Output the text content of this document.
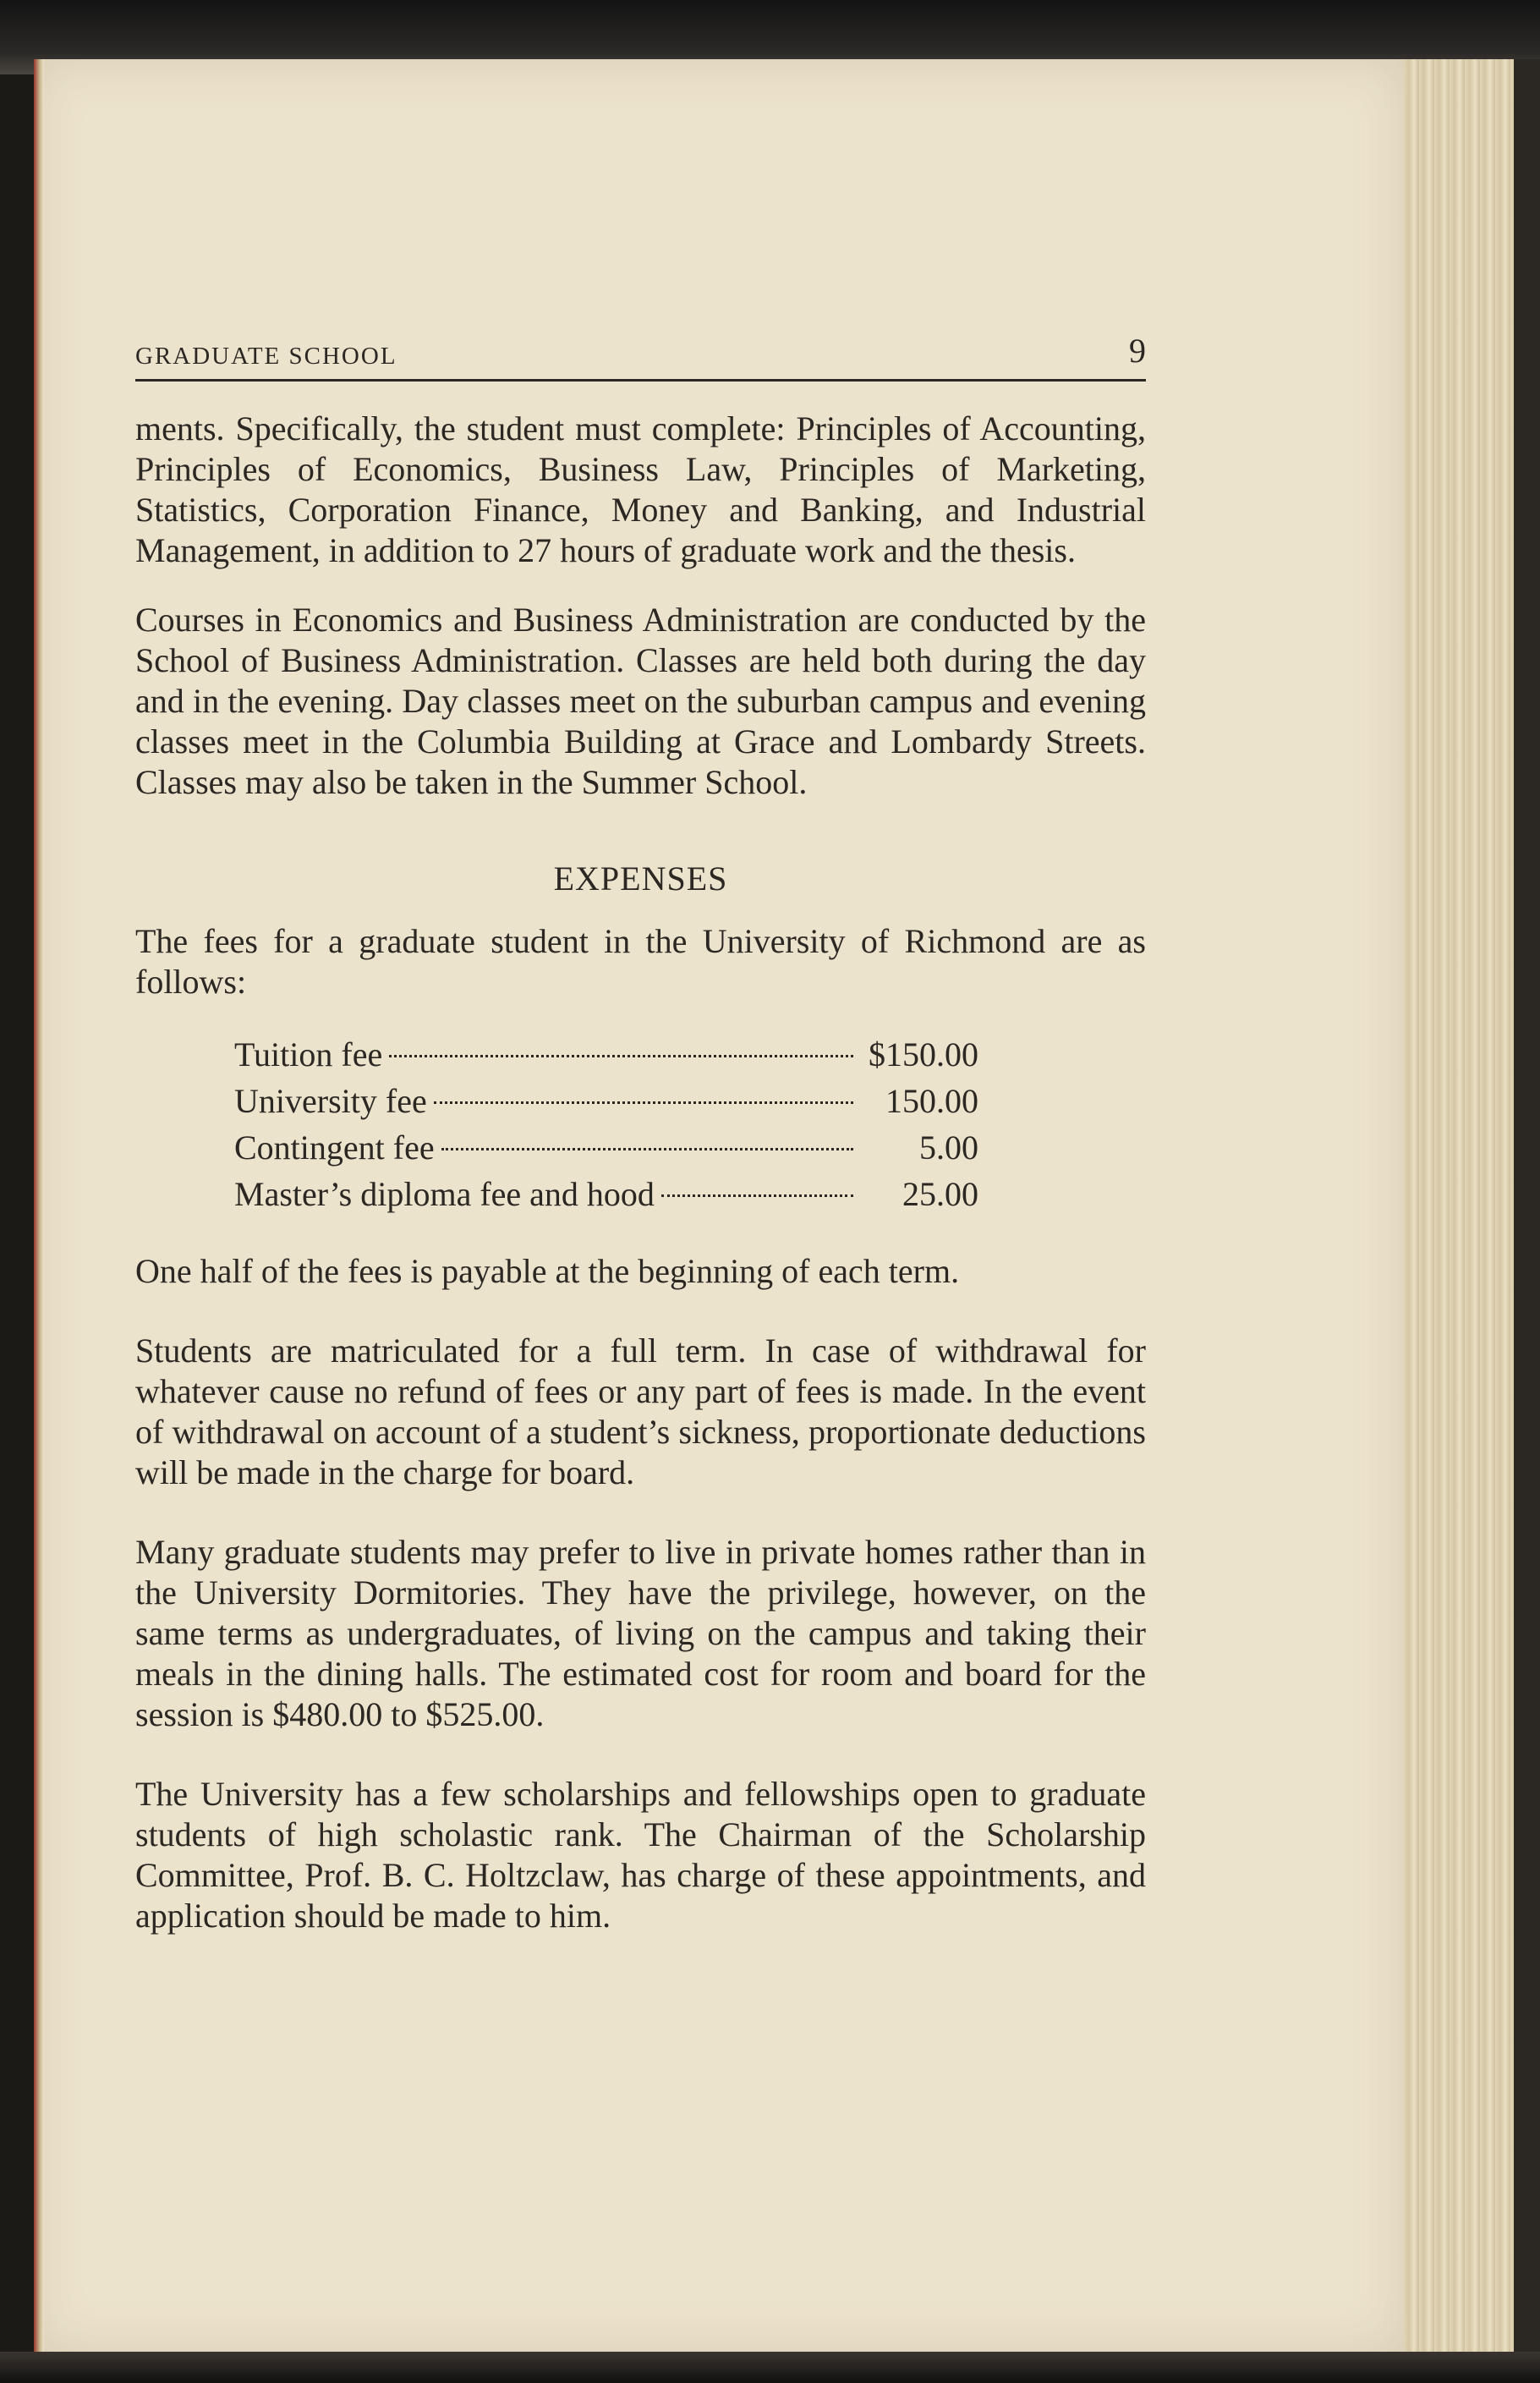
GRADUATE SCHOOL	9

ments. Specifically, the student must complete: Principles of Accounting, Principles of Economics, Business Law, Principles of Marketing, Statistics, Corporation Finance, Money and Banking, and Industrial Management, in addition to 27 hours of graduate work and the thesis.

Courses in Economics and Business Administration are conducted by the School of Business Administration. Classes are held both during the day and in the evening. Day classes meet on the suburban campus and evening classes meet in the Columbia Building at Grace and Lombardy Streets. Classes may also be taken in the Summer School.

EXPENSES

The fees for a graduate student in the University of Richmond are as follows:

Tuition fee	$150.00
University fee	150.00
Contingent fee	5.00
Master’s diploma fee and hood	25.00

One half of the fees is payable at the beginning of each term.

Students are matriculated for a full term. In case of withdrawal for whatever cause no refund of fees or any part of fees is made. In the event of withdrawal on account of a student’s sickness, proportionate deductions will be made in the charge for board.

Many graduate students may prefer to live in private homes rather than in the University Dormitories. They have the privilege, however, on the same terms as undergraduates, of living on the campus and taking their meals in the dining halls. The estimated cost for room and board for the session is $480.00 to $525.00.

The University has a few scholarships and fellowships open to graduate students of high scholastic rank. The Chairman of the Scholarship Committee, Prof. B. C. Holtzclaw, has charge of these appointments, and application should be made to him.
